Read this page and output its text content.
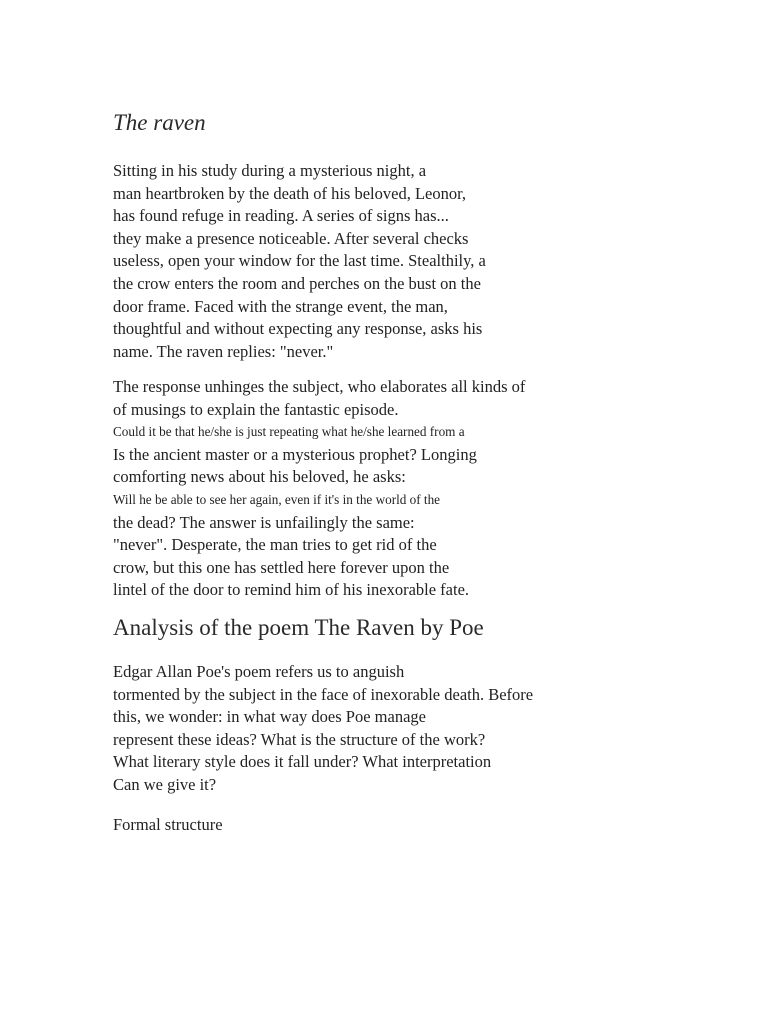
The raven

Sitting in his study during a mysterious night, a
man heartbroken by the death of his beloved, Leonor,
has found refuge in reading. A series of signs has...
they make a presence noticeable. After several checks
useless, open your window for the last time. Stealthily, a
the crow enters the room and perches on the bust on the
door frame. Faced with the strange event, the man,
thoughtful and without expecting any response, asks his
name. The raven replies: "never."

The response unhinges the subject, who elaborates all kinds of
of musings to explain the fantastic episode.
Could it be that he/she is just repeating what he/she learned from a
Is the ancient master or a mysterious prophet? Longing
comforting news about his beloved, he asks:
Will he be able to see her again, even if it's in the world of the
the dead? The answer is unfailingly the same:
"never". Desperate, the man tries to get rid of the
crow, but this one has settled here forever upon the
lintel of the door to remind him of his inexorable fate.

Analysis of the poem The Raven by Poe

Edgar Allan Poe's poem refers us to anguish
tormented by the subject in the face of inexorable death. Before
this, we wonder: in what way does Poe manage
represent these ideas? What is the structure of the work?
What literary style does it fall under? What interpretation
Can we give it?

Formal structure
